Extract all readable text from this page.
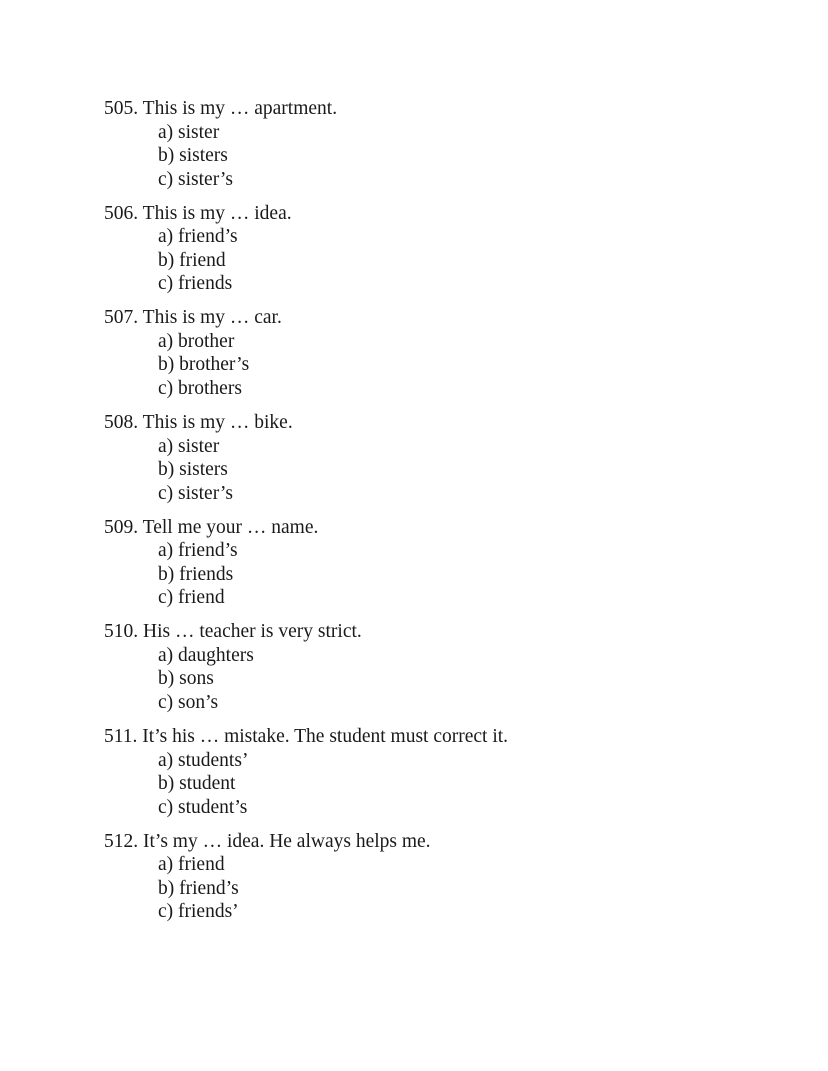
505. This is my … apartment.
a) sister
b) sisters
c) sister’s
506. This is my … idea.
a) friend’s
b) friend
c) friends
507. This is my … car.
a) brother
b) brother’s
c) brothers
508. This is my … bike.
a) sister
b) sisters
c) sister’s
509. Tell me your … name.
a) friend’s
b) friends
c) friend
510. His … teacher is very strict.
a) daughters
b) sons
c) son’s
511. It’s his … mistake. The student must correct it.
a) students’
b) student
c) student’s
512. It’s my … idea. He always helps me.
a) friend
b) friend’s
c) friends’
